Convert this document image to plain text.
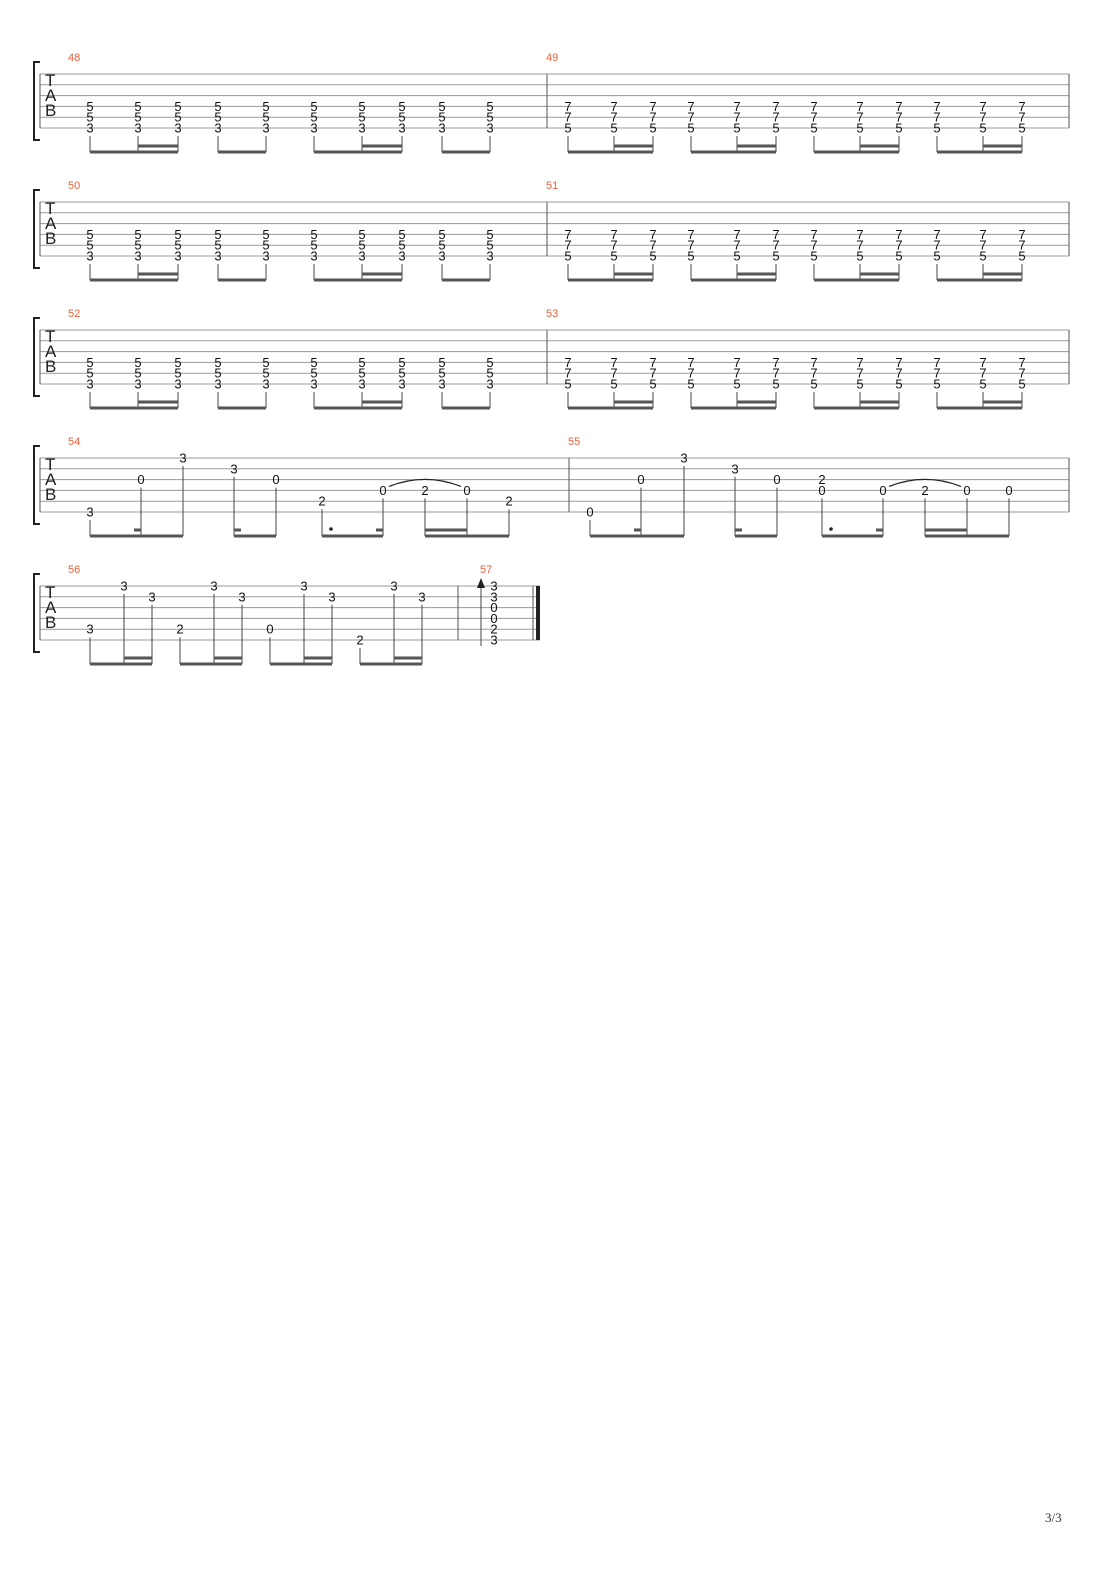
T
A
B
T
A
B
T
A
B
T
A
B
T
A
B
48
5
5
3
5
5
3
5
5
3
5
5
3
5
5
3
5
5
3
5
5
3
5
5
3
5
5
3
5
5
3
49
7
7
5
7
7
5
7
7
5
7
7
5
7
7
5
7
7
5
7
7
5
7
7
5
7
7
5
7
7
5
7
7
5
7
7
5
50
5
5
3
5
5
3
5
5
3
5
5
3
5
5
3
5
5
3
5
5
3
5
5
3
5
5
3
5
5
3
51
7
7
5
7
7
5
7
7
5
7
7
5
7
7
5
7
7
5
7
7
5
7
7
5
7
7
5
7
7
5
7
7
5
7
7
5
52
5
5
3
5
5
3
5
5
3
5
5
3
5
5
3
5
5
3
5
5
3
5
5
3
5
5
3
5
5
3
53
7
7
5
7
7
5
7
7
5
7
7
5
7
7
5
7
7
5
7
7
5
7
7
5
7
7
5
7
7
5
7
7
5
7
7
5
54
3
0
3
3
0
2
0	2	0
2
55
0
0
3
3
0	2
0	0	2	0	0
56
3
3
3
2
3
3
0
3
3
2
3
3
57
3
3
0
0
2
3
3/3
